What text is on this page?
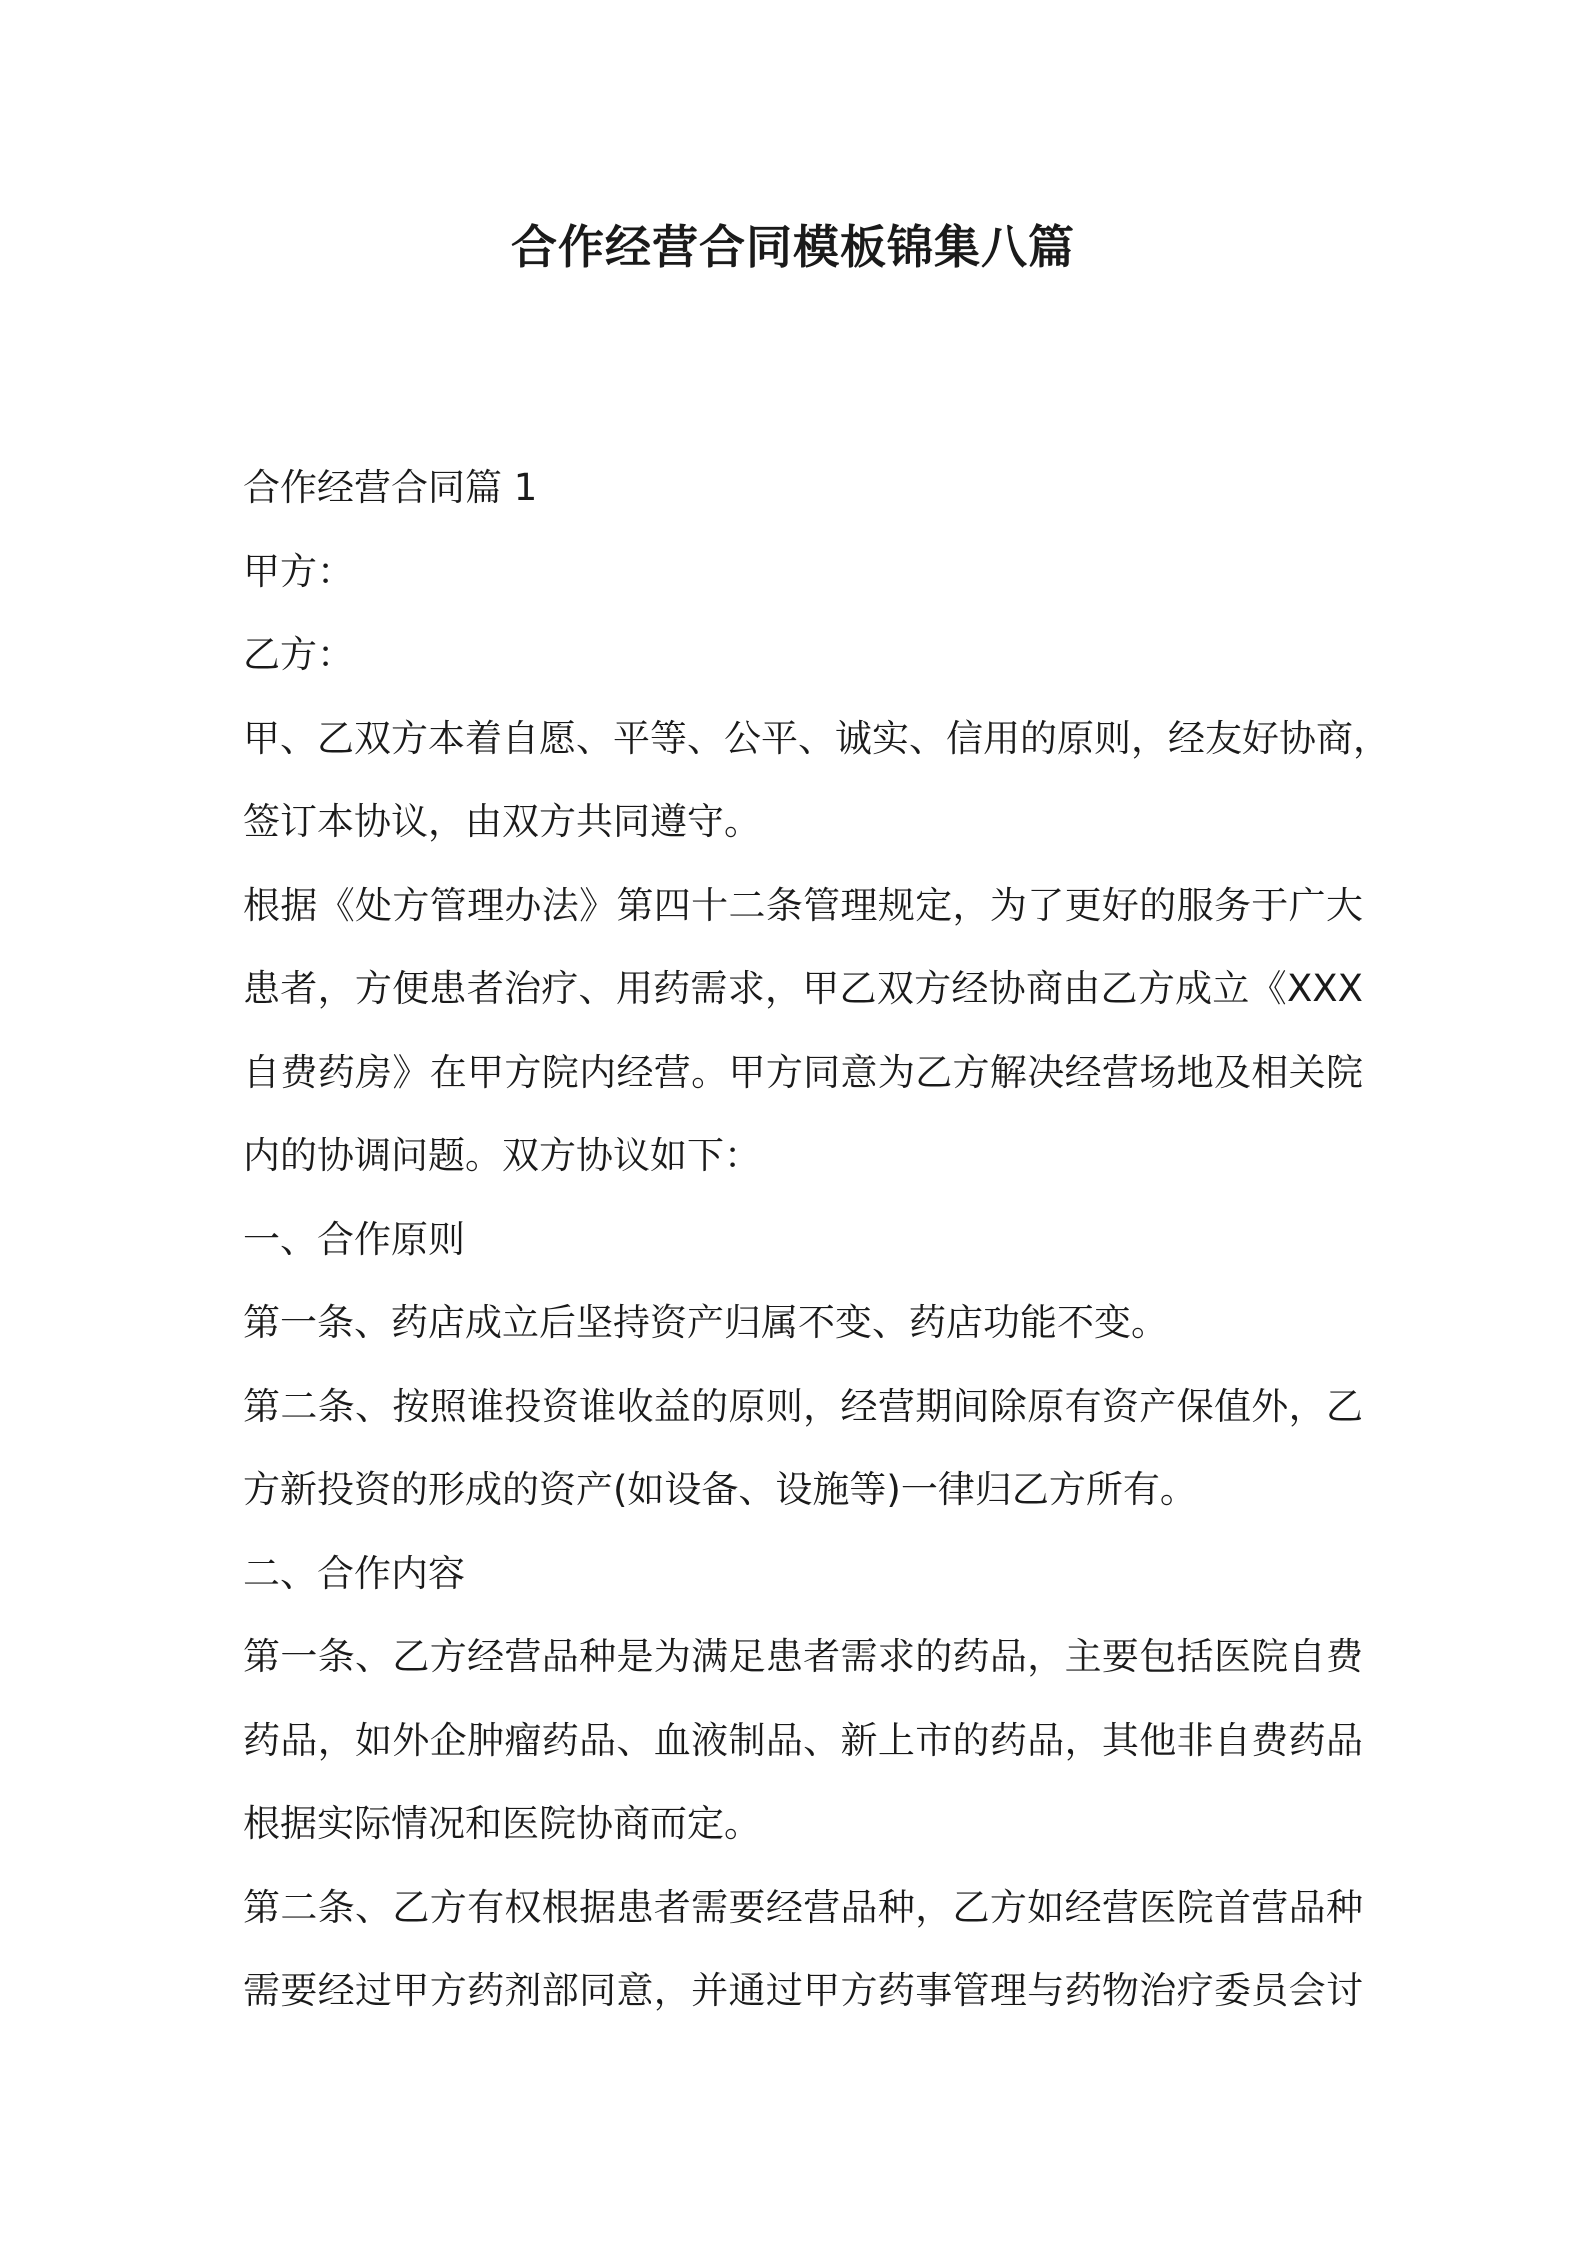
合作经营合同模板锦集八篇

合作经营合同篇 1

甲方：

乙方：

甲、乙双方本着自愿、平等、公平、诚实、信用的原则，经友好协商，

签订本协议，由双方共同遵守。

根据《处方管理办法》第四十二条管理规定，为了更好的服务于广大

患者，方便患者治疗、用药需求，甲乙双方经协商由乙方成立《XXX

自费药房》在甲方院内经营。甲方同意为乙方解决经营场地及相关院

内的协调问题。双方协议如下：

一、合作原则

第一条、药店成立后坚持资产归属不变、药店功能不变。

第二条、按照谁投资谁收益的原则，经营期间除原有资产保值外，乙

方新投资的形成的资产(如设备、设施等)一律归乙方所有。

二、合作内容

第一条、乙方经营品种是为满足患者需求的药品，主要包括医院自费

药品，如外企肿瘤药品、血液制品、新上市的药品，其他非自费药品

根据实际情况和医院协商而定。

第二条、乙方有权根据患者需要经营品种，乙方如经营医院首营品种

需要经过甲方药剂部同意，并通过甲方药事管理与药物治疗委员会讨
